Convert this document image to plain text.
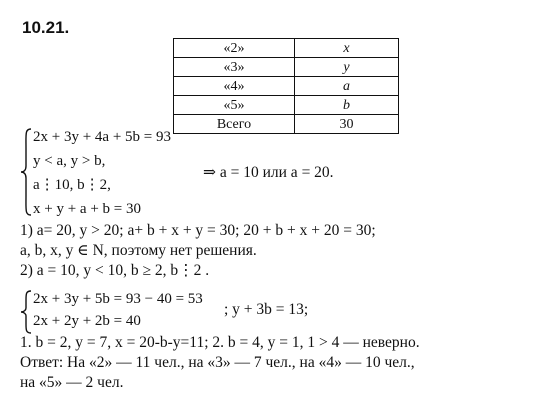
10.21.
«2»	x
«3»	y
«4»	a
«5»	b
Всего	30
2x + 3y + 4a + 5b = 93
y < a, y > b,
a⋮10, b⋮2,
x + y + a + b = 30
⇒ a = 10 или a = 20.
1) a= 20, y > 20; a+ b + x + y = 30; 20 + b + x + 20 = 30;
a, b, x, y ∈ N, поэтому нет решения.
2) a = 10, y < 10, b ≥ 2, b⋮2 .
2x + 3y + 5b = 93 − 40 = 53
2x + 2y + 2b = 40
; y + 3b = 13;
1. b = 2, y = 7, x = 20-b-y=11; 2. b = 4, y = 1, 1 > 4 — неверно.
Ответ: На «2» — 11 чел., на «3» — 7 чел., на «4» — 10 чел.,
на «5» — 2 чел.
